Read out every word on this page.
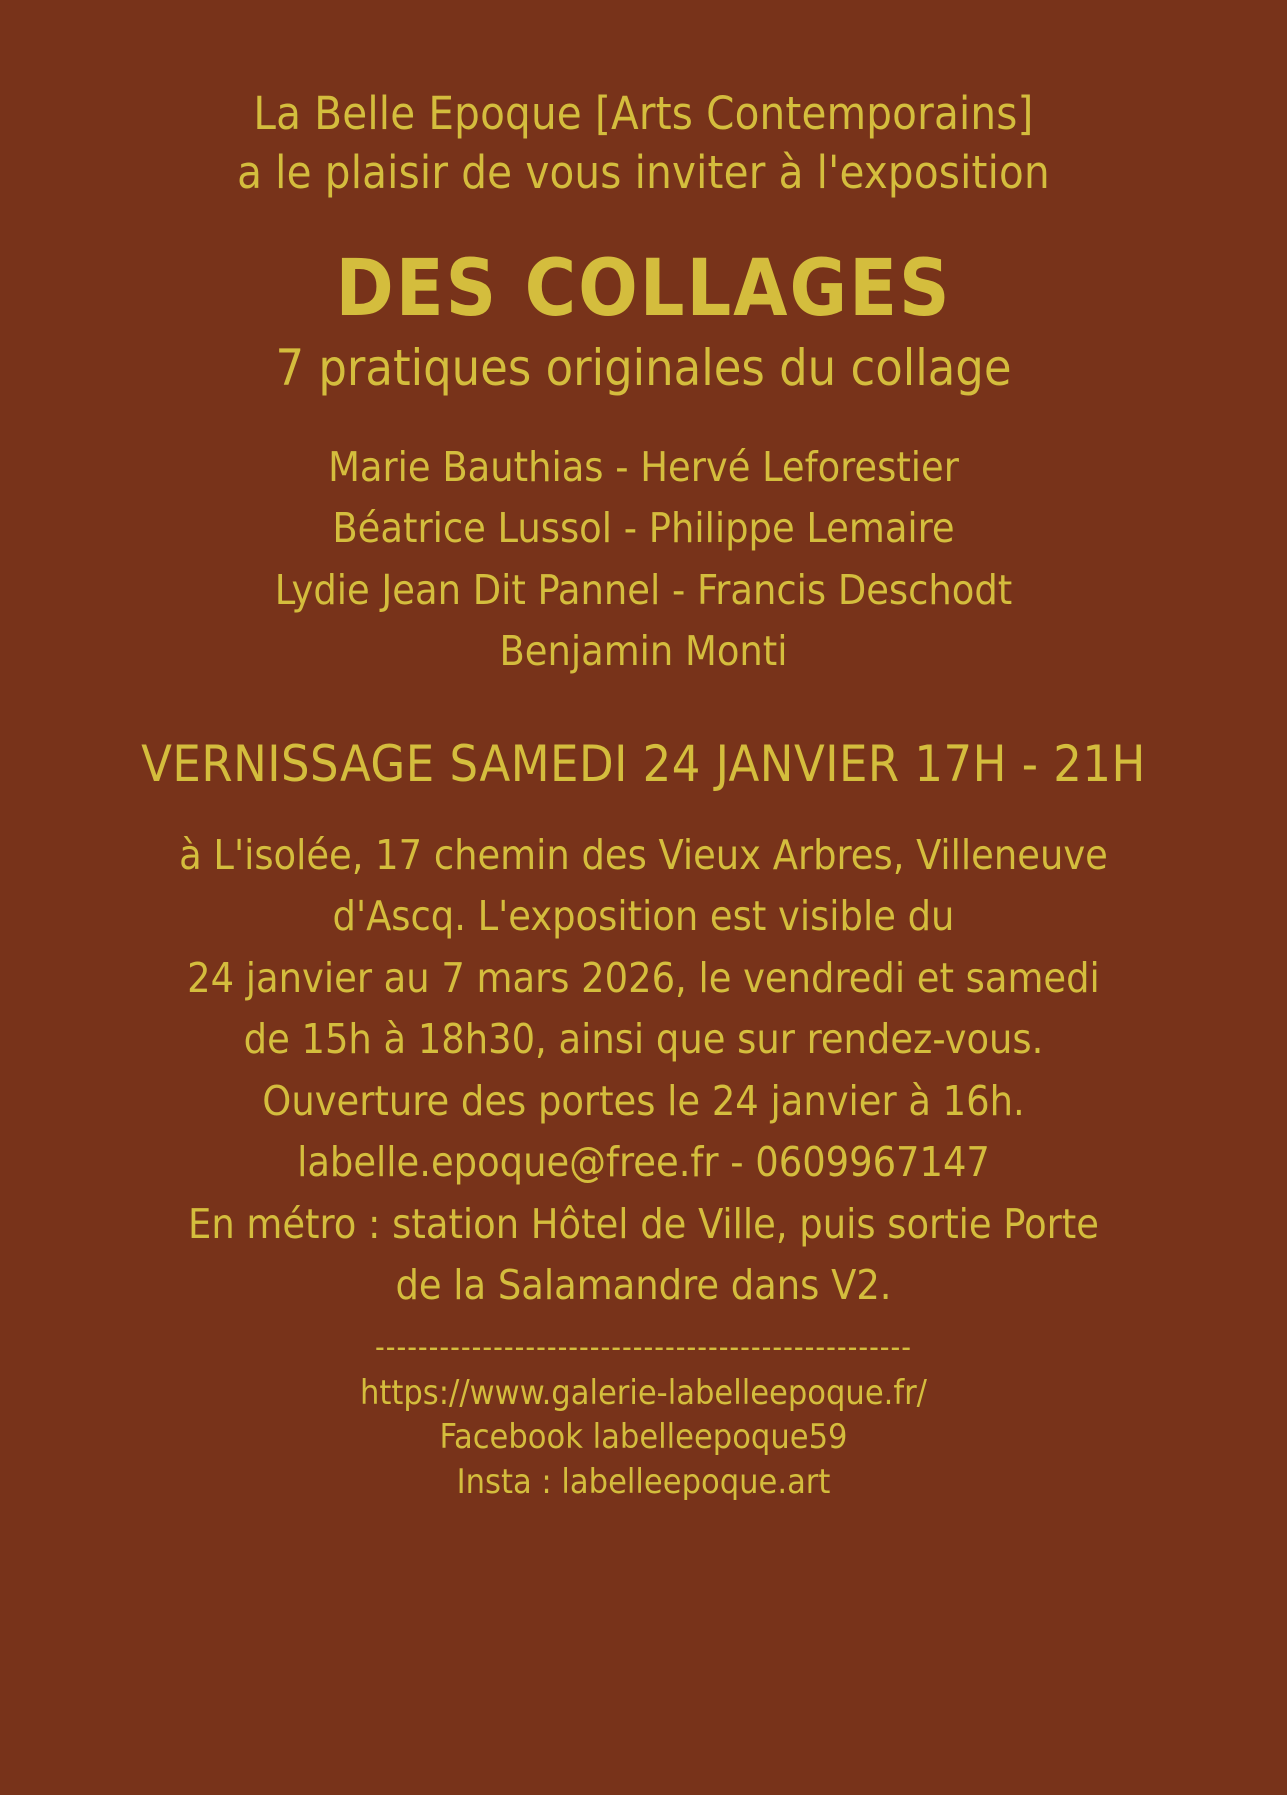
La Belle Epoque [Arts Contemporains]
a le plaisir de vous inviter à l'exposition
DES COLLAGES
7 pratiques originales du collage
Marie Bauthias - Hervé Leforestier
Béatrice Lussol - Philippe Lemaire
Lydie Jean Dit Pannel - Francis Deschodt
Benjamin Monti
VERNISSAGE SAMEDI 24 JANVIER 17H - 21H
à L'isolée, 17 chemin des Vieux Arbres, Villeneuve
d'Ascq. L'exposition est visible du
24 janvier au 7 mars 2026, le vendredi et samedi
de 15h à 18h30, ainsi que sur rendez-vous.
Ouverture des portes le 24 janvier à 16h.
labelle.epoque@free.fr - 0609967147
En métro : station Hôtel de Ville, puis sortie Porte
de la Salamandre dans V2.
--------------------------------------------------
https://www.galerie-labelleepoque.fr/
Facebook labelleepoque59
Insta : labelleepoque.art
